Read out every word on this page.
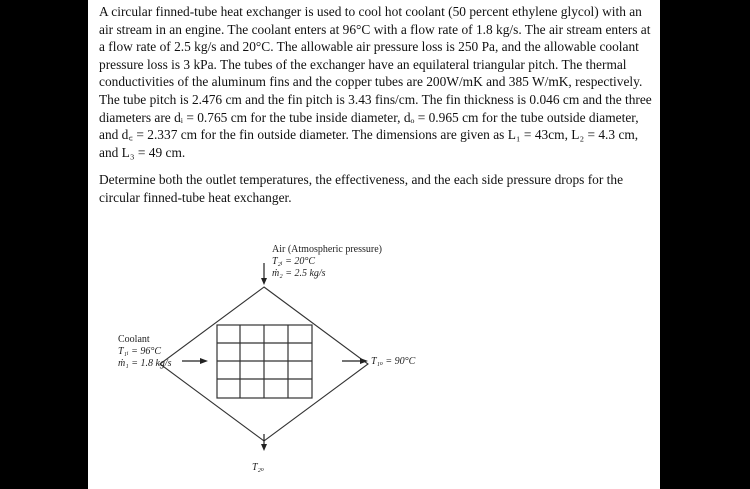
A circular finned-tube heat exchanger is used to cool hot coolant (50 percent ethylene glycol) with an air stream in an engine. The coolant enters at 96°C with a flow rate of 1.8 kg/s. The air stream enters at a flow rate of 2.5 kg/s and 20°C. The allowable air pressure loss is 250 Pa, and the allowable coolant pressure loss is 3 kPa. The tubes of the exchanger have an equilateral triangular pitch. The thermal conductivities of the aluminum fins and the copper tubes are 200W/mK and 385 W/mK, respectively. The tube pitch is 2.476 cm and the fin pitch is 3.43 fins/cm. The fin thickness is 0.046 cm and the three diameters are dᵢ = 0.765 cm for the tube inside diameter, dₒ = 0.965 cm for the tube outside diameter, and d꜀ = 2.337 cm for the fin outside diameter. The dimensions are given as L₁ = 43cm, L₂ = 4.3 cm, and L₃ = 49 cm.

Determine both the outlet temperatures, the effectiveness, and the each side pressure drops for the circular finned-tube heat exchanger.

Air (Atmospheric pressure)
T₂ᵢ = 20°C
ṁ₂ = 2.5 kg/s
Coolant
T₁ᵢ = 96°C
ṁ₁ = 1.8 kg/s	T₁ₒ = 90°C
T₂ₒ
